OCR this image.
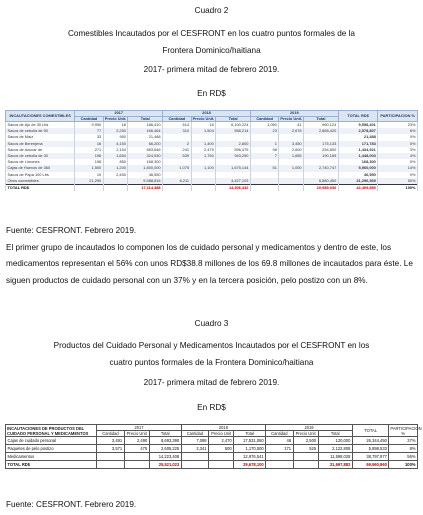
Cuadro 2
Comestibles Incautados por el CESFRONT en los cuatro puntos formales de la
Frontera Dominico/haitiana
2017- primera mitad de febrero 2019.
En RD$
INCAUTACIONES COMESTIBLES	2017			2018			2019			TOTAL RD$	PARTICIPACION %
	Cantidad	Precio Unit.	Total	Cantidad	Precio Unit.	Total	Cantidad	Precio Unit.	Total		
Sacos de Ajo de 30 Lbs	9,950	18	186,410	614	16	6,100,224	1,050	41	960,124	9,558,401	23%
Sacos de cebolla de 50	77	2,250	166,464	310	1,504	558,214	23	2,678	2,865,420	2,578,807	6%
Sacos de Maíz	33	950	21,488							21,488	0%
Sacos de Berenjena	16	4,150	66,200	2	1,400	2,800	1	3,450	175,133	171,783	0%
Sacos de Azucar de	271	2,154	583,646	241	2,475	596,475	98	2,600	254,800	1,434,921	3%
Sacos de cebolla de 30	196	1,654	324,530	539	1,750	943,250	7	1,655	190,165	1,448,003	4%
Sacos de Limones	198	850	168,300							168,300	0%
Cajas de Huevos de 360	1,500	1,200	1,800,000	1,075	1,100	1,675,144	51	1,000	2,740,747	5,960,000	14%
Sacos de Papa 100 Lbs	19	2,450	46,550							46,550	0%
Otros comestibles	21,290		9,988,816	6,211		4,427,103			6,880,450	21,296,369	50%
TOTAL RD$			17,114,388			14,306,432			10,989,030	42,409,850	100%
Fuente: CESFRONT. Febrero 2019.
El primer grupo de incautados lo componen los de cuidado personal y medicamentos y dentro de este, los medicamentos representan el 56% con unos RD$38.8 millones de los 69.8 millones de incautados para éste. Le siguen productos de cuidado personal con un 37% y en la tercera posición, pelo postizo con un 8%.
Cuadro 3
Productos del Cuidado Personal y Medicamentos Incautados por el CESFRONT en los
cuatro puntos formales de la Frontera Dominico/haitiana
2017- primera mitad de febrero 2019.
En RD$
INCAUTACIONES DE PRODUCTOS DEL CUIDADO PERSONAL Y MEDICAMENTOS	2017			2018			2019			TOTAL	PARTICIPACION %
	Cantidad	Precio Unit	Total	Cantidad	Precio Unit	Total	Cantidad	Precio Unit	Total		
Cajas de cuidado personal	3,491	2,490	8,693,390	7,098	2,470	17,531,060	48	2,500	120,000	26,344,450	37%
Paquetes de pelo postizo	3,571	475	2,605,225	2,341	500	1,170,500	171	525	2,122,808	5,898,533	8%
Medicamentos			14,223,408			12,976,541			11,598,028	38,797,977	56%
TOTAL RD$			25,521,023			29,678,100			31,697,882	69,960,960	100%
Fuente: CESFRONT. Febrero 2019.
